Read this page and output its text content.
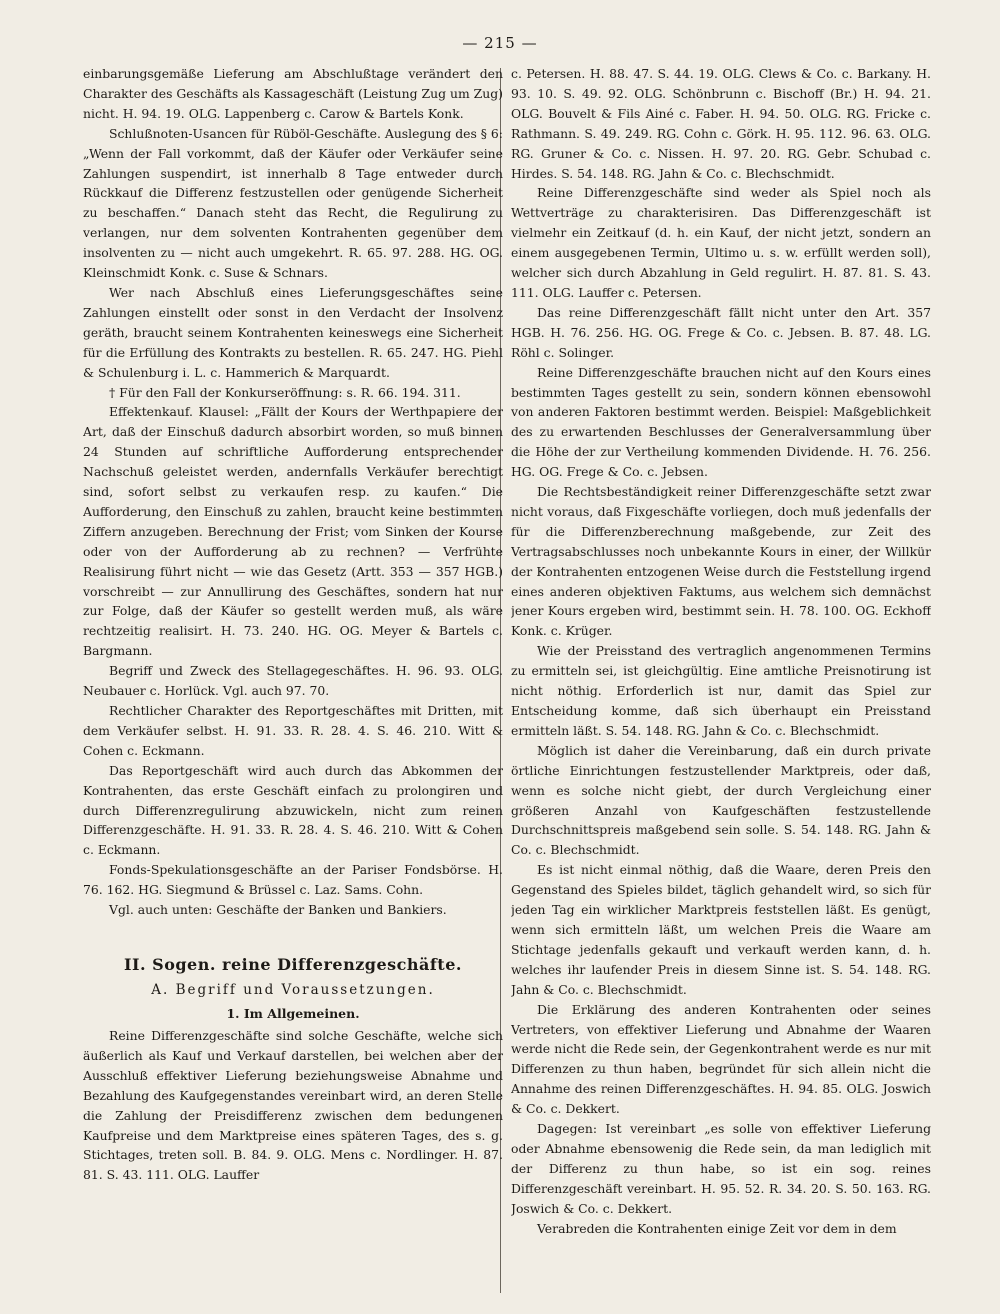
— 215 —

einbarungsgemäße Lieferung am Abschlußtage verändert den Charakter des Geschäfts als Kassageschäft (Leistung Zug um Zug) nicht. H. 94. 19. OLG. Lappenberg c. Carow & Bartels Konk.

Schlußnoten-Usancen für Rüböl-Geschäfte. Auslegung des § 6: „Wenn der Fall vorkommt, daß der Käufer oder Verkäufer seine Zahlungen suspendirt, ist innerhalb 8 Tage entweder durch Rückkauf die Differenz festzustellen oder genügende Sicherheit zu beschaffen.“ Danach steht das Recht, die Regulirung zu verlangen, nur dem solventen Kontrahenten gegenüber dem insolventen zu — nicht auch umgekehrt. R. 65. 97. 288. HG. OG. Kleinschmidt Konk. c. Suse & Schnars.

Wer nach Abschluß eines Lieferungsgeschäftes seine Zahlungen einstellt oder sonst in den Verdacht der Insolvenz geräth, braucht seinem Kontrahenten keineswegs eine Sicherheit für die Erfüllung des Kontrakts zu bestellen. R. 65. 247. HG. Piehl & Schulenburg i. L. c. Hammerich & Marquardt.

† Für den Fall der Konkurseröffnung: s. R. 66. 194. 311.

Effektenkauf. Klausel: „Fällt der Kours der Werthpapiere der Art, daß der Einschuß dadurch absorbirt worden, so muß binnen 24 Stunden auf schriftliche Aufforderung entsprechender Nachschuß geleistet werden, andernfalls Verkäufer berechtigt sind, sofort selbst zu verkaufen resp. zu kaufen.“ Die Aufforderung, den Einschuß zu zahlen, braucht keine bestimmten Ziffern anzugeben. Berechnung der Frist; vom Sinken der Kourse oder von der Aufforderung ab zu rechnen? — Verfrühte Realisirung führt nicht — wie das Gesetz (Artt. 353 — 357 HGB.) vorschreibt — zur Annullirung des Geschäftes, sondern hat nur zur Folge, daß der Käufer so gestellt werden muß, als wäre rechtzeitig realisirt. H. 73. 240. HG. OG. Meyer & Bartels c. Bargmann.

Begriff und Zweck des Stellagegeschäftes. H. 96. 93. OLG. Neubauer c. Horlück. Vgl. auch 97. 70.

Rechtlicher Charakter des Reportgeschäftes mit Dritten, mit dem Verkäufer selbst. H. 91. 33. R. 28. 4. S. 46. 210. Witt & Cohen c. Eckmann.

Das Reportgeschäft wird auch durch das Abkommen der Kontrahenten, das erste Geschäft einfach zu prolongiren und durch Differenzregulirung abzuwickeln, nicht zum reinen Differenzgeschäfte. H. 91. 33. R. 28. 4. S. 46. 210. Witt & Cohen c. Eckmann.

Fonds-Spekulationsgeschäfte an der Pariser Fondsbörse. H. 76. 162. HG. Siegmund & Brüssel c. Laz. Sams. Cohn.

Vgl. auch unten: Geschäfte der Banken und Bankiers.

II. Sogen. reine Differenzgeschäfte.
A. Begriff und Voraussetzungen.
1. Im Allgemeinen.

Reine Differenzgeschäfte sind solche Geschäfte, welche sich äußerlich als Kauf und Verkauf darstellen, bei welchen aber der Ausschluß effektiver Lieferung beziehungsweise Abnahme und Bezahlung des Kaufgegenstandes vereinbart wird, an deren Stelle die Zahlung der Preisdifferenz zwischen dem bedungenen Kaufpreise und dem Marktpreise eines späteren Tages, des s. g. Stichtages, treten soll. B. 84. 9. OLG. Mens c. Nordlinger. H. 87. 81. S. 43. 111. OLG. Lauffer

c. Petersen. H. 88. 47. S. 44. 19. OLG. Clews & Co. c. Barkany. H. 93. 10. S. 49. 92. OLG. Schönbrunn c. Bischoff (Br.) H. 94. 21. OLG. Bouvelt & Fils Ainé c. Faber. H. 94. 50. OLG. RG. Fricke c. Rathmann. S. 49. 249. RG. Cohn c. Görk. H. 95. 112. 96. 63. OLG. RG. Gruner & Co. c. Nissen. H. 97. 20. RG. Gebr. Schubad c. Hirdes. S. 54. 148. RG. Jahn & Co. c. Blechschmidt.

Reine Differenzgeschäfte sind weder als Spiel noch als Wettverträge zu charakterisiren. Das Differenzgeschäft ist vielmehr ein Zeitkauf (d. h. ein Kauf, der nicht jetzt, sondern an einem ausgegebenen Termin, Ultimo u. s. w. erfüllt werden soll), welcher sich durch Abzahlung in Geld regulirt. H. 87. 81. S. 43. 111. OLG. Lauffer c. Petersen.

Das reine Differenzgeschäft fällt nicht unter den Art. 357 HGB. H. 76. 256. HG. OG. Frege & Co. c. Jebsen. B. 87. 48. LG. Röhl c. Solinger.

Reine Differenzgeschäfte brauchen nicht auf den Kours eines bestimmten Tages gestellt zu sein, sondern können ebensowohl von anderen Faktoren bestimmt werden. Beispiel: Maßgeblichkeit des zu erwartenden Beschlusses der Generalversammlung über die Höhe der zur Vertheilung kommenden Dividende. H. 76. 256. HG. OG. Frege & Co. c. Jebsen.

Die Rechtsbeständigkeit reiner Differenzgeschäfte setzt zwar nicht voraus, daß Fixgeschäfte vorliegen, doch muß jedenfalls der für die Differenzberechnung maßgebende, zur Zeit des Vertragsabschlusses noch unbekannte Kours in einer, der Willkür der Kontrahenten entzogenen Weise durch die Feststellung irgend eines anderen objektiven Faktums, aus welchem sich demnächst jener Kours ergeben wird, bestimmt sein. H. 78. 100. OG. Eckhoff Konk. c. Krüger.

Wie der Preisstand des vertraglich angenommenen Termins zu ermitteln sei, ist gleichgültig. Eine amtliche Preisnotirung ist nicht nöthig. Erforderlich ist nur, damit das Spiel zur Entscheidung komme, daß sich überhaupt ein Preisstand ermitteln läßt. S. 54. 148. RG. Jahn & Co. c. Blechschmidt.

Möglich ist daher die Vereinbarung, daß ein durch private örtliche Einrichtungen festzustellender Marktpreis, oder daß, wenn es solche nicht giebt, der durch Vergleichung einer größeren Anzahl von Kaufgeschäften festzustellende Durchschnittspreis maßgebend sein solle. S. 54. 148. RG. Jahn & Co. c. Blechschmidt.

Es ist nicht einmal nöthig, daß die Waare, deren Preis den Gegenstand des Spieles bildet, täglich gehandelt wird, so sich für jeden Tag ein wirklicher Marktpreis feststellen läßt. Es genügt, wenn sich ermitteln läßt, um welchen Preis die Waare am Stichtage jedenfalls gekauft und verkauft werden kann, d. h. welches ihr laufender Preis in diesem Sinne ist. S. 54. 148. RG. Jahn & Co. c. Blechschmidt.

Die Erklärung des anderen Kontrahenten oder seines Vertreters, von effektiver Lieferung und Abnahme der Waaren werde nicht die Rede sein, der Gegenkontrahent werde es nur mit Differenzen zu thun haben, begründet für sich allein nicht die Annahme des reinen Differenzgeschäftes. H. 94. 85. OLG. Joswich & Co. c. Dekkert.

Dagegen: Ist vereinbart „es solle von effektiver Lieferung oder Abnahme ebensowenig die Rede sein, da man lediglich mit der Differenz zu thun habe, so ist ein sog. reines Differenzgeschäft vereinbart. H. 95. 52. R. 34. 20. S. 50. 163. RG. Joswich & Co. c. Dekkert.

Verabreden die Kontrahenten einige Zeit vor dem in dem
